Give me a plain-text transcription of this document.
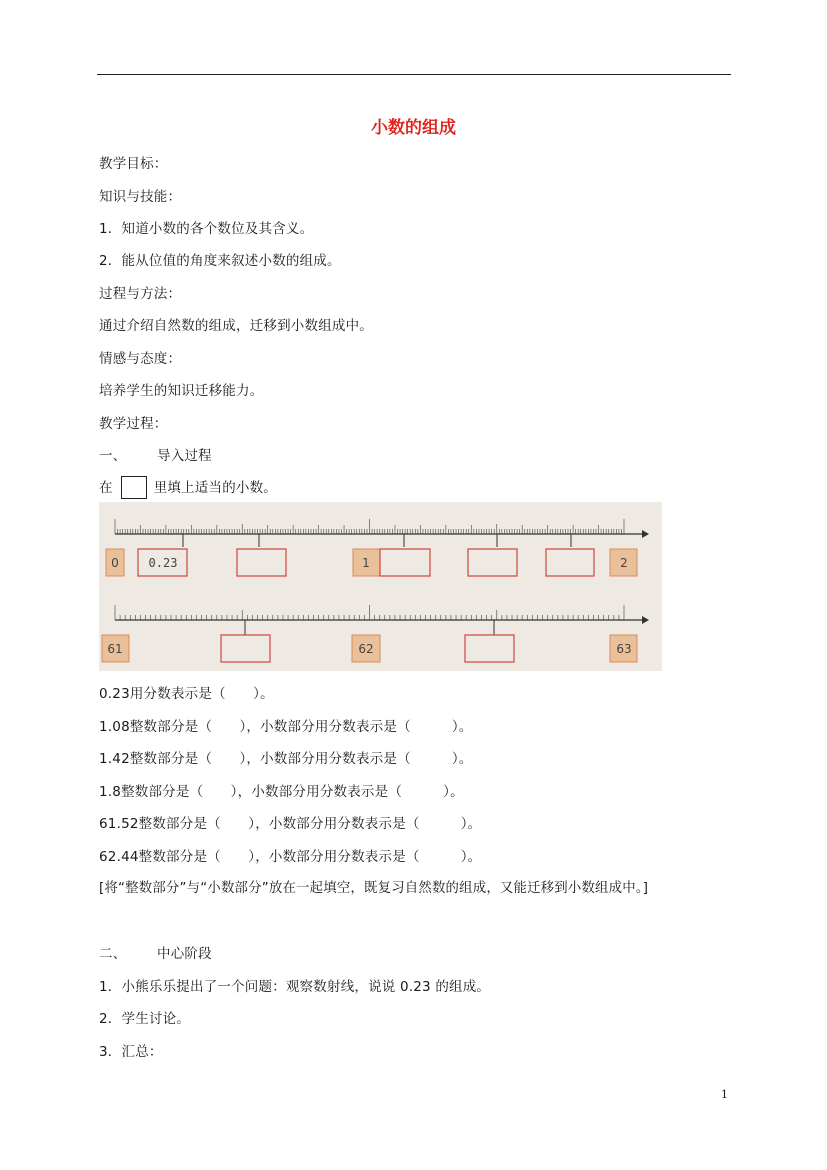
小数的组成
教学目标：
知识与技能：
1．知道小数的各个数位及其含义。
2．能从位值的角度来叙述小数的组成。
过程与方法：
通过介绍自然数的组成，迁移到小数组成中。
情感与态度：
培养学生的知识迁移能力。
教学过程：
一、 导入过程
在	里填上适当的小数。
0 0.23	1	2
61	62	63
0.23用分数表示是（　　）。
1.08整数部分是（　　），小数部分用分数表示是（　　　）。
1.42整数部分是（　　），小数部分用分数表示是（　　　）。
1.8整数部分是（　　），小数部分用分数表示是（　　　）。
61.52整数部分是（　　），小数部分用分数表示是（　　　）。
62.44整数部分是（　　），小数部分用分数表示是（　　　）。
[将“整数部分”与“小数部分”放在一起填空，既复习自然数的组成，又能迁移到小数组成中。]
二、 中心阶段
1．小熊乐乐提出了一个问题：观察数射线，说说 0.23 的组成。
2．学生讨论。
3．汇总：
1
